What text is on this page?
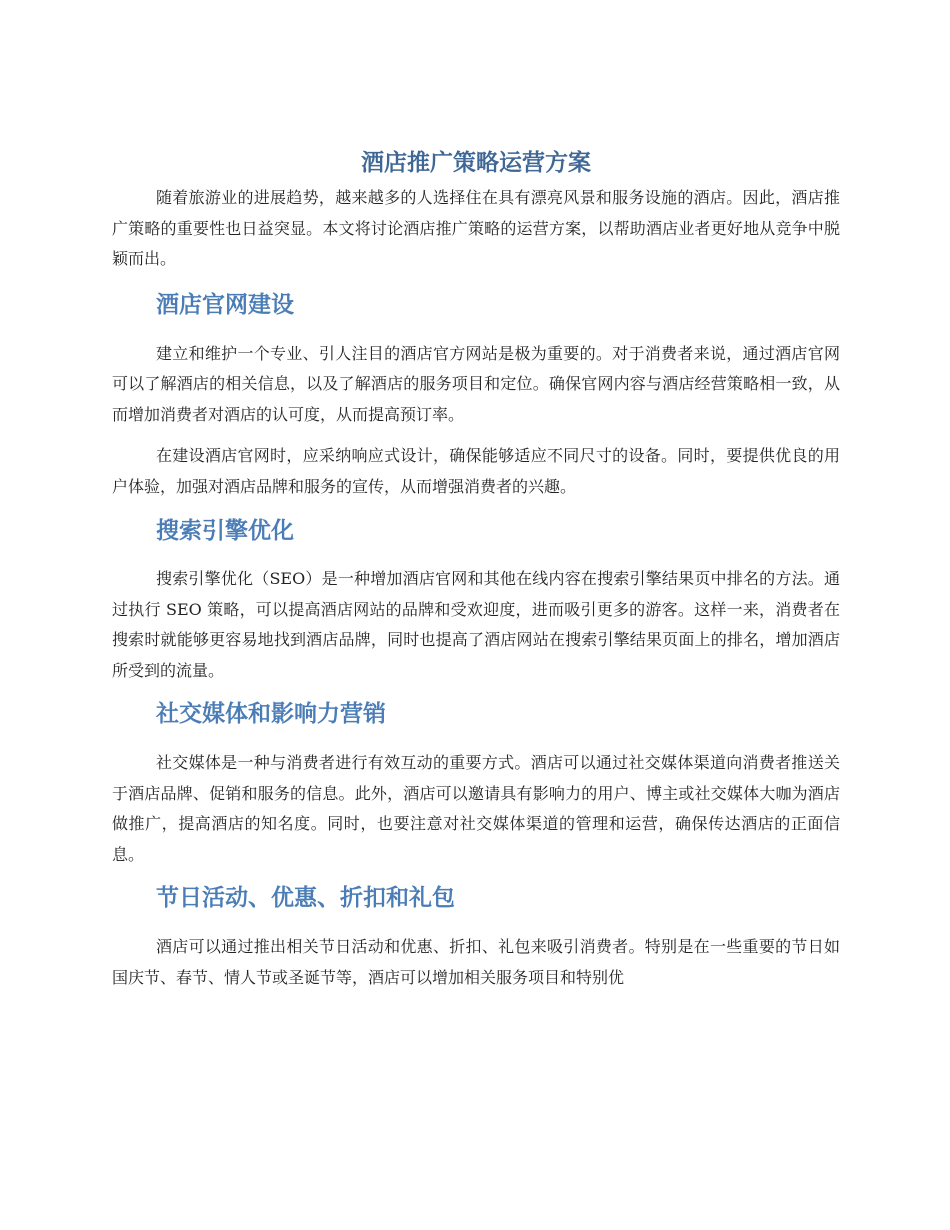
酒店推广策略运营方案

随着旅游业的进展趋势，越来越多的人选择住在具有漂亮风景和服务设施的酒店。因此，酒店推广策略的重要性也日益突显。本文将讨论酒店推广策略的运营方案，以帮助酒店业者更好地从竞争中脱颖而出。

酒店官网建设

建立和维护一个专业、引人注目的酒店官方网站是极为重要的。对于消费者来说，通过酒店官网可以了解酒店的相关信息，以及了解酒店的服务项目和定位。确保官网内容与酒店经营策略相一致，从而增加消费者对酒店的认可度，从而提高预订率。

在建设酒店官网时，应采纳响应式设计，确保能够适应不同尺寸的设备。同时，要提供优良的用户体验，加强对酒店品牌和服务的宣传，从而增强消费者的兴趣。

搜索引擎优化

搜索引擎优化（SEO）是一种增加酒店官网和其他在线内容在搜索引擎结果页中排名的方法。通过执行 SEO 策略，可以提高酒店网站的品牌和受欢迎度，进而吸引更多的游客。这样一来，消费者在搜索时就能够更容易地找到酒店品牌，同时也提高了酒店网站在搜索引擎结果页面上的排名，增加酒店所受到的流量。

社交媒体和影响力营销

社交媒体是一种与消费者进行有效互动的重要方式。酒店可以通过社交媒体渠道向消费者推送关于酒店品牌、促销和服务的信息。此外，酒店可以邀请具有影响力的用户、博主或社交媒体大咖为酒店做推广，提高酒店的知名度。同时，也要注意对社交媒体渠道的管理和运营，确保传达酒店的正面信息。

节日活动、优惠、折扣和礼包

酒店可以通过推出相关节日活动和优惠、折扣、礼包来吸引消费者。特别是在一些重要的节日如国庆节、春节、情人节或圣诞节等，酒店可以增加相关服务项目和特别优
